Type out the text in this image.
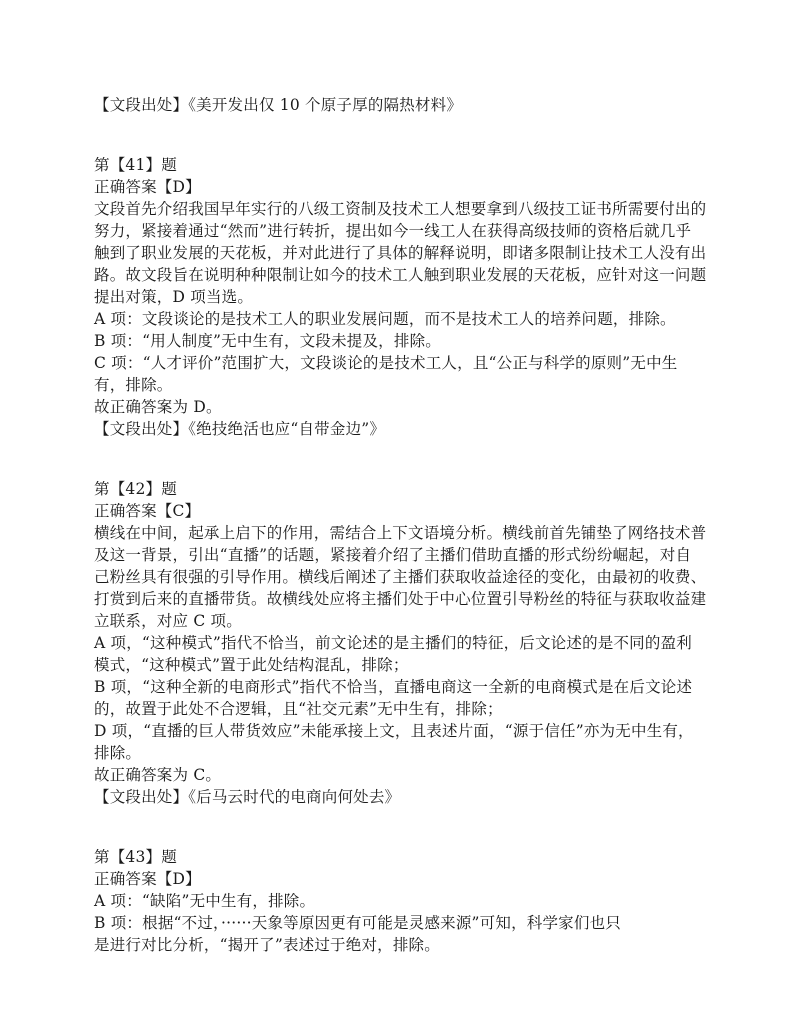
【文段出处】《美开发出仅 10 个原子厚的隔热材料》
第【41】题
正确答案【D】
文段首先介绍我国早年实行的八级工资制及技术工人想要拿到八级技工证书所需要付出的
努力，紧接着通过“然而”进行转折，提出如今一线工人在获得高级技师的资格后就几乎
触到了职业发展的天花板，并对此进行了具体的解释说明，即诸多限制让技术工人没有出
路。故文段旨在说明种种限制让如今的技术工人触到职业发展的天花板，应针对这一问题
提出对策，D 项当选。
A 项：文段谈论的是技术工人的职业发展问题，而不是技术工人的培养问题，排除。
B 项：“用人制度”无中生有，文段未提及，排除。
C 项：“人才评价”范围扩大，文段谈论的是技术工人，且“公正与科学的原则”无中生
有，排除。
故正确答案为 D。
【文段出处】《绝技绝活也应“自带金边”》
第【42】题
正确答案【C】
横线在中间，起承上启下的作用，需结合上下文语境分析。横线前首先铺垫了网络技术普
及这一背景，引出“直播”的话题，紧接着介绍了主播们借助直播的形式纷纷崛起，对自
己粉丝具有很强的引导作用。横线后阐述了主播们获取收益途径的变化，由最初的收费、
打赏到后来的直播带货。故横线处应将主播们处于中心位置引导粉丝的特征与获取收益建
立联系，对应 C 项。
A 项，“这种模式”指代不恰当，前文论述的是主播们的特征，后文论述的是不同的盈利
模式，“这种模式”置于此处结构混乱，排除；
B 项，“这种全新的电商形式”指代不恰当，直播电商这一全新的电商模式是在后文论述
的，故置于此处不合逻辑，且“社交元素”无中生有，排除；
D 项，“直播的巨人带货效应”未能承接上文，且表述片面，“源于信任”亦为无中生有，
排除。
故正确答案为 C。
【文段出处】《后马云时代的电商向何处去》
第【43】题
正确答案【D】
A 项：“缺陷”无中生有，排除。
B 项：根据“不过，······天象等原因更有可能是灵感来源”可知，科学家们也只
是进行对比分析，“揭开了”表述过于绝对，排除。
